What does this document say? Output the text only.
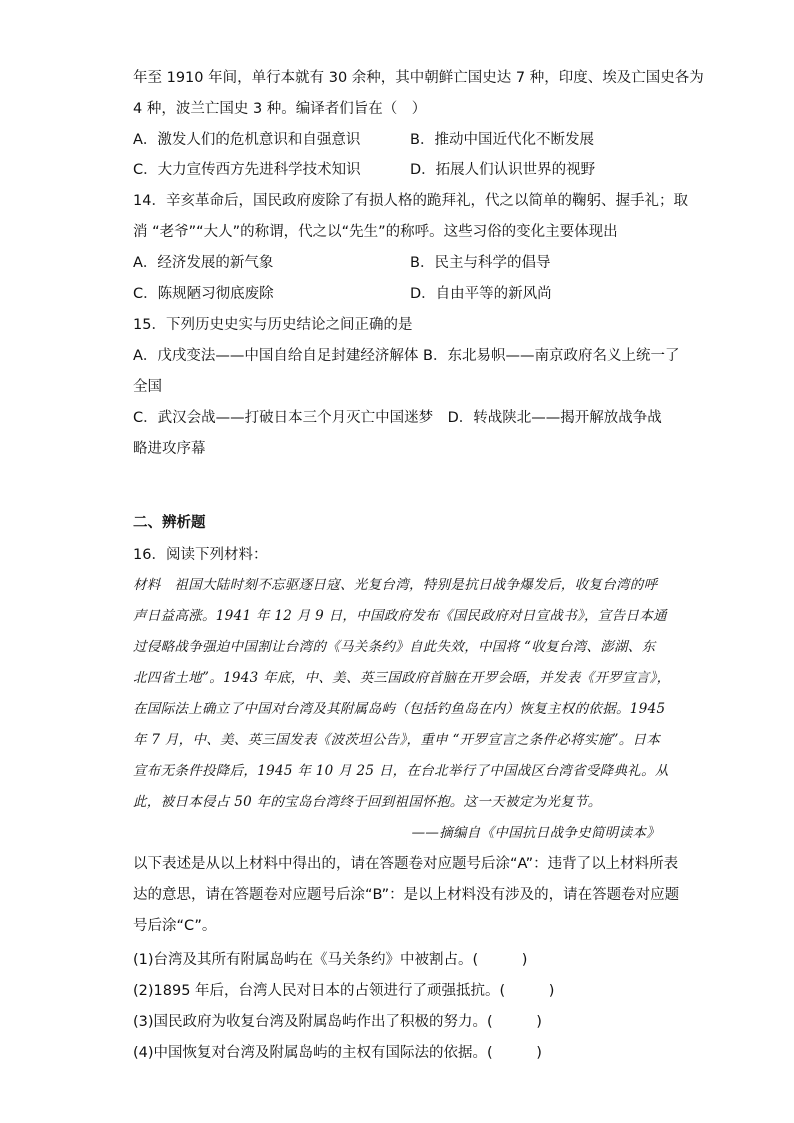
年至 1910 年间，单行本就有 30 余种，其中朝鲜亡国史达 7 种，印度、埃及亡国史各为
4 种，波兰亡国史 3 种。编译者们旨在（　）
A．激发人们的危机意识和自强意识	B．推动中国近代化不断发展
C．大力宣传西方先进科学技术知识	D．拓展人们认识世界的视野
14．辛亥革命后，国民政府废除了有损人格的跪拜礼，代之以简单的鞠躬、握手礼；取
消 “老爷”“大人”的称谓，代之以“先生”的称呼。这些习俗的变化主要体现出
A．经济发展的新气象	B．民主与科学的倡导
C．陈规陋习彻底废除	D．自由平等的新风尚
15．下列历史史实与历史结论之间正确的是
A．戊戌变法——中国自给自足封建经济解体 B．东北易帜——南京政府名义上统一了
全国
C．武汉会战——打破日本三个月灭亡中国迷梦　D．转战陕北——揭开解放战争战
略进攻序幕
二、辨析题
16．阅读下列材料：
材料　祖国大陆时刻不忘驱逐日寇、光复台湾，特别是抗日战争爆发后，收复台湾的呼
声日益高涨。1941 年 12 月 9 日，中国政府发布《国民政府对日宣战书》，宣告日本通
过侵略战争强迫中国割让台湾的《马关条约》自此失效，中国将 “收复台湾、澎湖、东
北四省土地”。1943 年底，中、美、英三国政府首脑在开罗会晤，并发表《开罗宣言》，
在国际法上确立了中国对台湾及其附属岛屿（包括钓鱼岛在内）恢复主权的依据。1945
年 7 月，中、美、英三国发表《波茨坦公告》，重申 “开罗宣言之条件必将实施”。日本
宣布无条件投降后，1945 年 10 月 25 日，在台北举行了中国战区台湾省受降典礼。从
此，被日本侵占 50 年的宝岛台湾终于回到祖国怀抱。这一天被定为光复节。
——摘编自《中国抗日战争史简明读本》
以下表述是从以上材料中得出的，请在答题卷对应题号后涂“A”：违背了以上材料所表
达的意思，请在答题卷对应题号后涂“B”：是以上材料没有涉及的，请在答题卷对应题
号后涂“C”。
(1)台湾及其所有附属岛屿在《马关条约》中被割占。(　　　)
(2)1895 年后，台湾人民对日本的占领进行了顽强抵抗。(　　　)
(3)国民政府为收复台湾及附属岛屿作出了积极的努力。(　　　)
(4)中国恢复对台湾及附属岛屿的主权有国际法的依据。(　　　)
